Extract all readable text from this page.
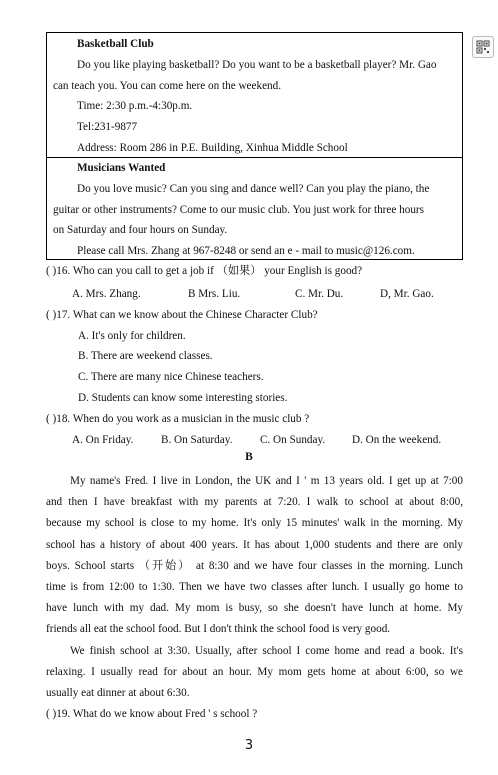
Basketball Club

Do you like playing basketball? Do you want to be a basketball player? Mr. Gao

can teach you. You can come here on the weekend.

Time: 2:30 p.m.-4:30p.m.

Tel:231-9877

Address: Room 286 in P.E. Building, Xinhua Middle School

Musicians Wanted

Do you love music? Can you sing and dance well? Can you play the piano, the

guitar or other instruments? Come to our music club. You just work for three hours

on Saturday and four hours on Sunday.

Please call Mrs. Zhang at 967-8248 or send an e - mail to music@126.com.

( )16. Who can you call to get a job if （如果） your English is good?
A. Mrs. Zhang.	B Mrs. Liu.	C. Mr. Du.	D, Mr. Gao.
( )17. What can we know about the Chinese Character Club?
A. It's only for children.
B. There are weekend classes.
C. There are many nice Chinese teachers.
D. Students can know some interesting stories.
( )18. When do you work as a musician in the music club ?
A. On Friday. B. On Saturday. C. On Sunday. D. On the weekend.
B
My name's Fred. I live in London, the UK and I ' m 13 years old. I get up at 7:00
and then I have breakfast with my parents at 7:20. I walk to school at about 8:00,
because my school is close to my home. It's only 15 minutes' walk in the morning. My
school has a history of about 400 years. It has about 1,000 students and there are only
boys. School starts （开始） at 8:30 and we have four classes in the morning. Lunch
time is from 12:00 to 1:30. Then we have two classes after lunch. I usually go home to
have lunch with my dad. My mom is busy, so she doesn't have lunch at home. My
friends all eat the school food. But I don't think the school food is very good.
We finish school at 3:30. Usually, after school I come home and read a book. It's
relaxing. I usually read for about an hour. My mom gets home at about 6:00, so we
usually eat dinner at about 6:30.
( )19. What do we know about Fred ' s school ?
3
